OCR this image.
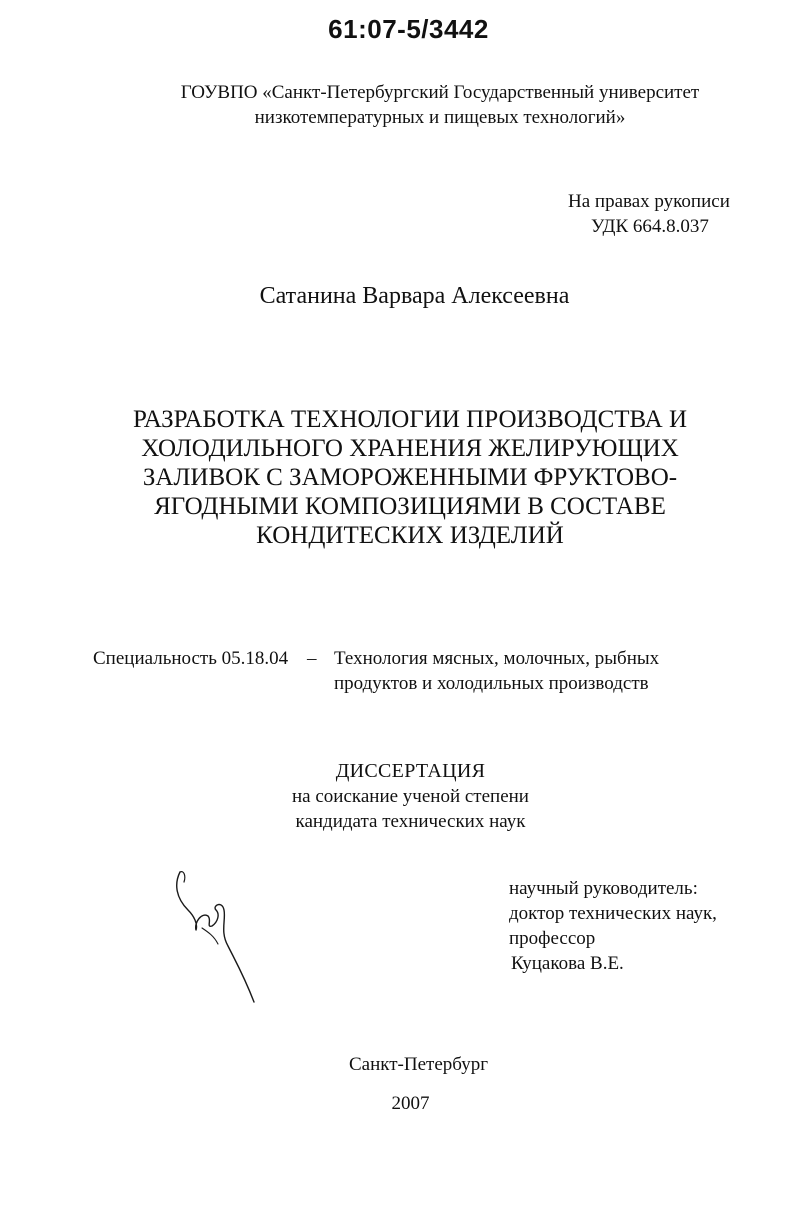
61:07-5/3442
ГОУВПО «Санкт-Петербургский Государственный университет
низкотемпературных и пищевых технологий»
На правах рукописи
УДК 664.8.037
Сатанина Варвара Алексеевна
РАЗРАБОТКА ТЕХНОЛОГИИ ПРОИЗВОДСТВА И
ХОЛОДИЛЬНОГО ХРАНЕНИЯ ЖЕЛИРУЮЩИХ
ЗАЛИВОК С ЗАМОРОЖЕННЫМИ ФРУКТОВО-
ЯГОДНЫМИ КОМПОЗИЦИЯМИ В СОСТАВЕ
КОНДИТЕСКИХ ИЗДЕЛИЙ
Специальность 05.18.04 – Технология мясных, молочных, рыбных
продуктов и холодильных производств
ДИССЕРТАЦИЯ
на соискание ученой степени
кандидата технических наук
научный руководитель:
доктор технических наук,
профессор
Куцакова В.Е.
Санкт-Петербург
2007
